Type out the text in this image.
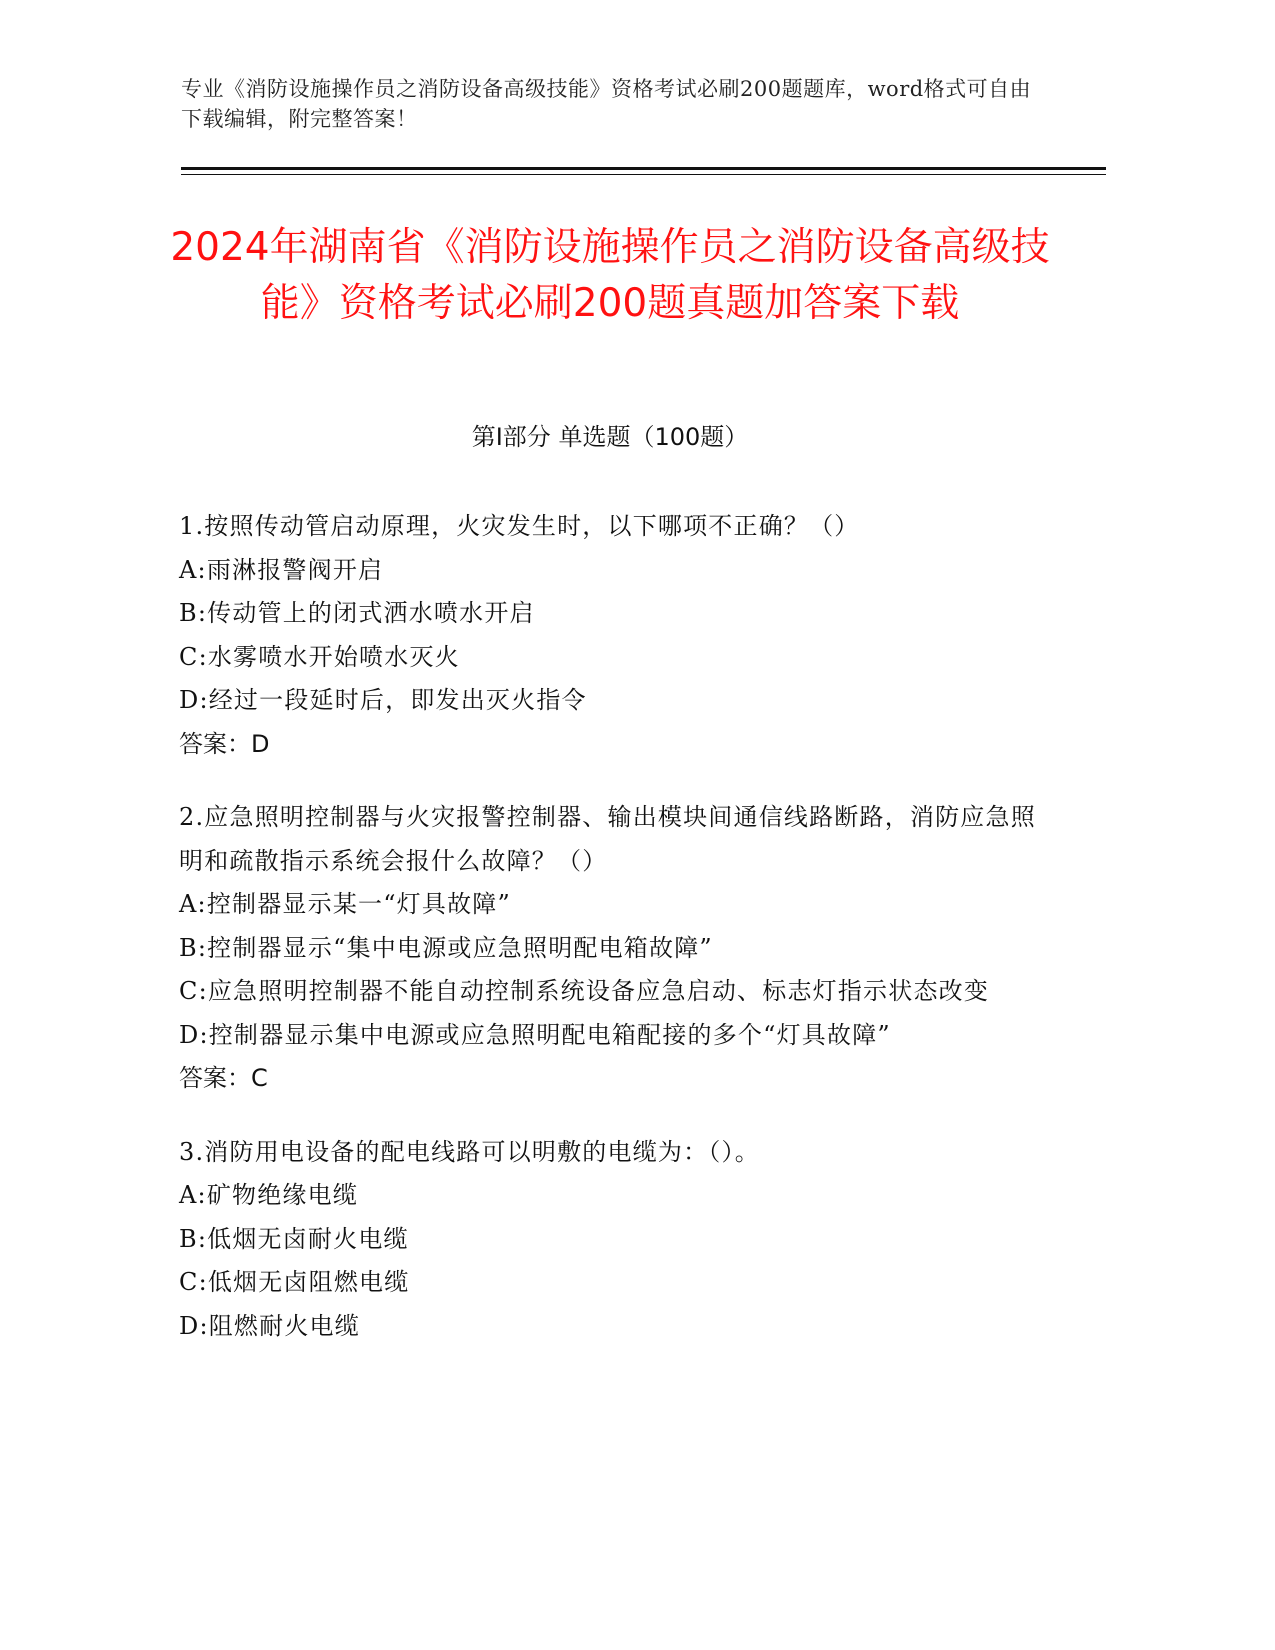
专业《消防设施操作员之消防设备高级技能》资格考试必刷200题题库，word格式可自由下载编辑，附完整答案！
2024年湖南省《消防设施操作员之消防设备高级技能》资格考试必刷200题真题加答案下载
第I部分 单选题（100题）

1.按照传动管启动原理，火灾发生时，以下哪项不正确？（）

A:雨淋报警阀开启

B:传动管上的闭式洒水喷水开启

C:水雾喷水开始喷水灭火

D:经过一段延时后，即发出灭火指令

答案：D

2.应急照明控制器与火灾报警控制器、输出模块间通信线路断路，消防应急照明和疏散指示系统会报什么故障？（）

A:控制器显示某一“灯具故障”

B:控制器显示“集中电源或应急照明配电箱故障”

C:应急照明控制器不能自动控制系统设备应急启动、标志灯指示状态改变

D:控制器显示集中电源或应急照明配电箱配接的多个“灯具故障”

答案：C

3.消防用电设备的配电线路可以明敷的电缆为：（）。

A:矿物绝缘电缆

B:低烟无卤耐火电缆

C:低烟无卤阻燃电缆

D:阻燃耐火电缆
